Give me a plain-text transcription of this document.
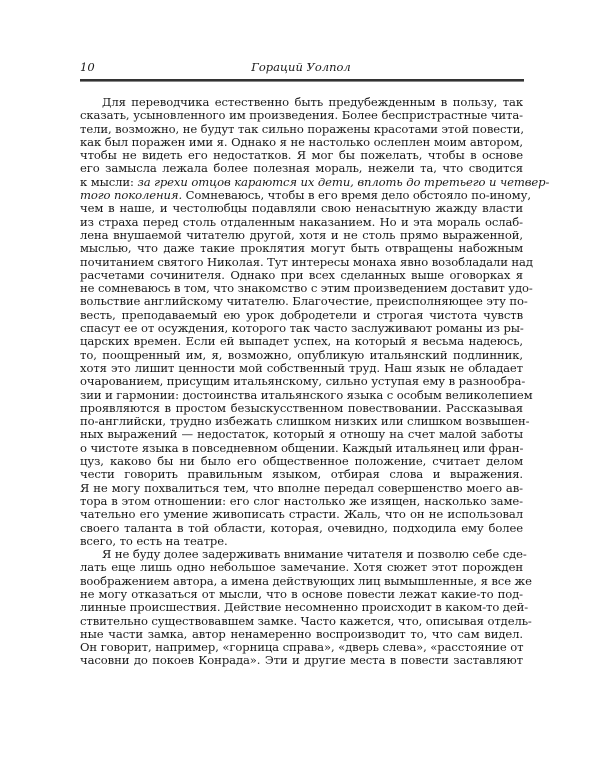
10	Гораций Уолпол
Для переводчика естественно быть предубежденным в пользу, так
сказать, усыновленного им произведения. Более беспристрастные чита-
тели, возможно, не будут так сильно поражены красотами этой повести,
как был поражен ими я. Однако я не настолько ослеплен моим автором,
чтобы не видеть его недостатков. Я мог бы пожелать, чтобы в основе
его замысла лежала более полезная мораль, нежели та, что сводится
к мысли: за грехи отцов караются их дети, вплоть до третьего и четвер-
того поколения. Сомневаюсь, чтобы в его время дело обстояло по-иному,
чем в наше, и честолюбцы подавляли свою ненасытную жажду власти
из страха перед столь отдаленным наказанием. Но и эта мораль ослаб-
лена внушаемой читателю другой, хотя и не столь прямо выраженной,
мыслью, что даже такие проклятия могут быть отвращены набожным
почитанием святого Николая. Тут интересы монаха явно возобладали над
расчетами сочинителя. Однако при всех сделанных выше оговорках я
не сомневаюсь в том, что знакомство с этим произведением доставит удо-
вольствие английскому читателю. Благочестие, преисполняющее эту по-
весть, преподаваемый ею урок добродетели и строгая чистота чувств
спасут ее от осуждения, которого так часто заслуживают романы из ры-
царских времен. Если ей выпадет успех, на который я весьма надеюсь,
то, поощренный им, я, возможно, опубликую итальянский подлинник,
хотя это лишит ценности мой собственный труд. Наш язык не обладает
очарованием, присущим итальянскому, сильно уступая ему в разнообра-
зии и гармонии: достоинства итальянского языка с особым великолепием
проявляются в простом безыскусственном повествовании. Рассказывая
по-английски, трудно избежать слишком низких или слишком возвышен-
ных выражений — недостаток, который я отношу на счет малой заботы
о чистоте языка в повседневном общении. Каждый итальянец или фран-
цуз, каково бы ни было его общественное положение, считает делом
чести говорить правильным языком, отбирая слова и выражения.
Я не могу похвалиться тем, что вполне передал совершенство моего ав-
тора в этом отношении: его слог настолько же изящен, насколько заме-
чательно его умение живописать страсти. Жаль, что он не использовал
своего таланта в той области, которая, очевидно, подходила ему более
всего, то есть на театре.
Я не буду долее задерживать внимание читателя и позволю себе сде-
лать еще лишь одно небольшое замечание. Хотя сюжет этот порожден
воображением автора, а имена действующих лиц вымышленные, я все же
не могу отказаться от мысли, что в основе повести лежат какие-то под-
линные происшествия. Действие несомненно происходит в каком-то дей-
ствительно существовавшем замке. Часто кажется, что, описывая отдель-
ные части замка, автор ненамеренно воспроизводит то, что сам видел.
Он говорит, например, «горница справа», «дверь слева», «расстояние от
часовни до покоев Конрада». Эти и другие места в повести заставляют
